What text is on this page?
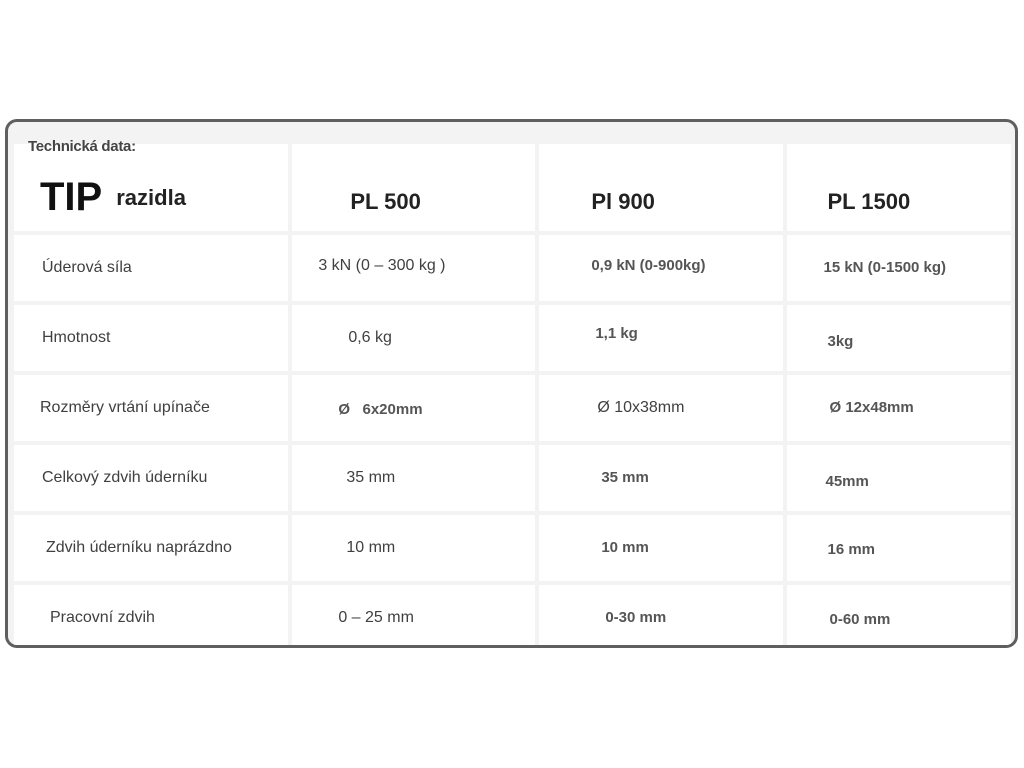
Technická data:
TIP razidla	PL 500	Pl 900	PL 1500
Úderová síla	3 kN (0 – 300 kg )	0,9 kN (0-900kg)	15 kN (0-1500 kg)
Hmotnost	0,6 kg	1,1 kg	3kg
Rozměry vrtání upínače	Ø   6x20mm	Ø 10x38mm	Ø 12x48mm
Celkový zdvih úderníku	35 mm	35 mm	45mm
Zdvih úderníku naprázdno	10 mm	10 mm	16 mm
Pracovní zdvih	0 – 25 mm	0-30 mm	0-60 mm
